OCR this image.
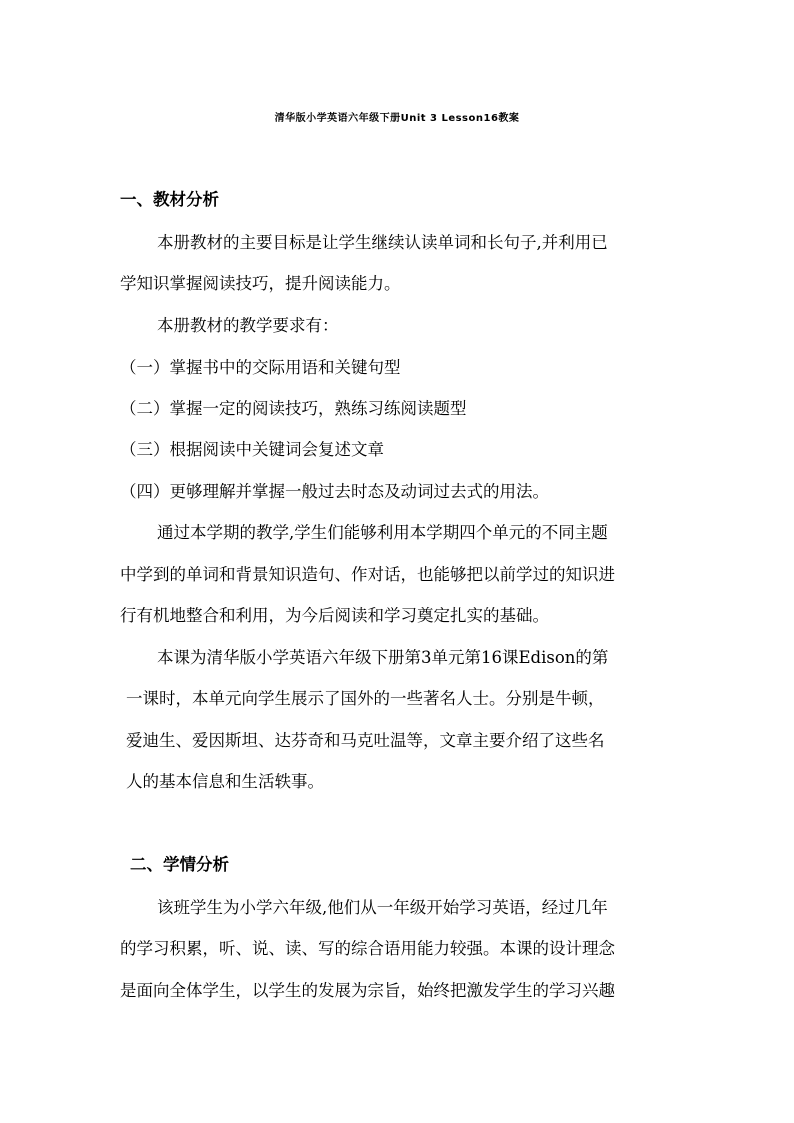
清华版小学英语六年级下册Unit 3 Lesson16教案
一、教材分析
本册教材的主要目标是让学生继续认读单词和长句子,并利用已
学知识掌握阅读技巧，提升阅读能力。
本册教材的教学要求有：
（一）掌握书中的交际用语和关键句型
（二）掌握一定的阅读技巧，熟练习练阅读题型
（三）根据阅读中关键词会复述文章
（四）更够理解并掌握一般过去时态及动词过去式的用法。
通过本学期的教学,学生们能够利用本学期四个单元的不同主题
中学到的单词和背景知识造句、作对话，也能够把以前学过的知识进
行有机地整合和利用，为今后阅读和学习奠定扎实的基础。
本课为清华版小学英语六年级下册第3单元第16课Edison的第
一课时，本单元向学生展示了国外的一些著名人士。分别是牛顿，
爱迪生、爱因斯坦、达芬奇和马克吐温等，文章主要介绍了这些名
人的基本信息和生活轶事。
二、学情分析
该班学生为小学六年级,他们从一年级开始学习英语，经过几年
的学习积累，听、说、读、写的综合语用能力较强。本课的设计理念
是面向全体学生，以学生的发展为宗旨，始终把激发学生的学习兴趣
